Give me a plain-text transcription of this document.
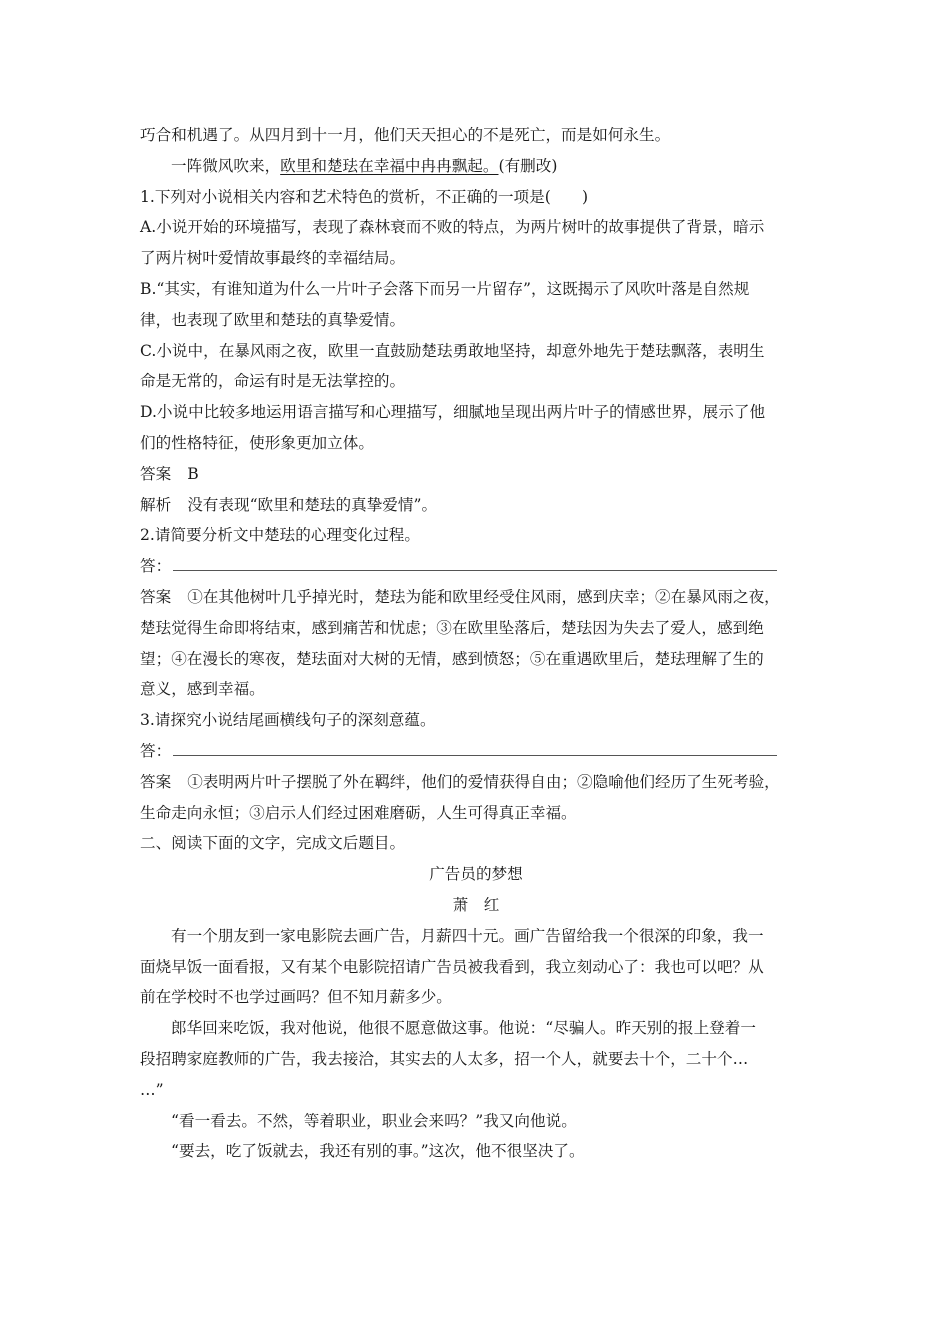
巧合和机遇了。从四月到十一月，他们天天担心的不是死亡，而是如何永生。
一阵微风吹来，欧里和楚珐在幸福中冉冉飘起。(有删改)
1.下列对小说相关内容和艺术特色的赏析，不正确的一项是(　　)
A.小说开始的环境描写，表现了森林衰而不败的特点，为两片树叶的故事提供了背景，暗示
了两片树叶爱情故事最终的幸福结局。
B.“其实，有谁知道为什么一片叶子会落下而另一片留存”，这既揭示了风吹叶落是自然规
律，也表现了欧里和楚珐的真挚爱情。
C.小说中，在暴风雨之夜，欧里一直鼓励楚珐勇敢地坚持，却意外地先于楚珐飘落，表明生
命是无常的，命运有时是无法掌控的。
D.小说中比较多地运用语言描写和心理描写，细腻地呈现出两片叶子的情感世界，展示了他
们的性格特征，使形象更加立体。
答案 B
解析 没有表现“欧里和楚珐的真挚爱情”。
2.请简要分析文中楚珐的心理变化过程。
答：
答案 ①在其他树叶几乎掉光时，楚珐为能和欧里经受住风雨，感到庆幸；②在暴风雨之夜，
楚珐觉得生命即将结束，感到痛苦和忧虑；③在欧里坠落后，楚珐因为失去了爱人，感到绝
望；④在漫长的寒夜，楚珐面对大树的无情，感到愤怒；⑤在重遇欧里后，楚珐理解了生的
意义，感到幸福。
3.请探究小说结尾画横线句子的深刻意蕴。
答：
答案 ①表明两片叶子摆脱了外在羁绊，他们的爱情获得自由；②隐喻他们经历了生死考验，
生命走向永恒；③启示人们经过困难磨砺，人生可得真正幸福。
二、阅读下面的文字，完成文后题目。
广告员的梦想
萧　红
有一个朋友到一家电影院去画广告，月薪四十元。画广告留给我一个很深的印象，我一
面烧早饭一面看报，又有某个电影院招请广告员被我看到，我立刻动心了：我也可以吧？从
前在学校时不也学过画吗？但不知月薪多少。
郎华回来吃饭，我对他说，他很不愿意做这事。他说：“尽骗人。昨天别的报上登着一
段招聘家庭教师的广告，我去接洽，其实去的人太多，招一个人，就要去十个，二十个…
…”
“看一看去。不然，等着职业，职业会来吗？”我又向他说。
“要去，吃了饭就去，我还有别的事。”这次，他不很坚决了。
